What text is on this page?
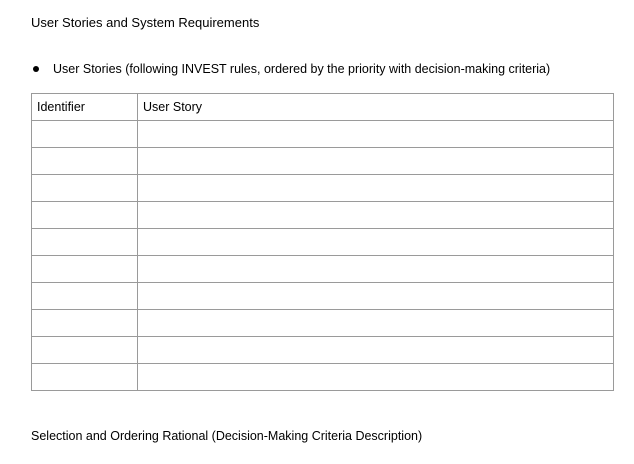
User Stories and System Requirements
User Stories (following INVEST rules, ordered by the priority with decision-making criteria)
Identifier	User Story

Selection and Ordering Rational (Decision-Making Criteria Description)
